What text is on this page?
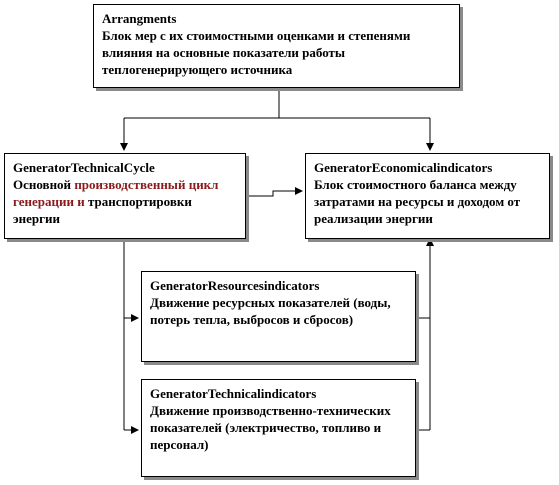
Arrangments
Блок мер с их стоимостными оценками и степенями влияния на основные показатели работы теплогенерирующего источника
GeneratorTechnicalCycle
Основной производственный цикл генерации и транспортировки энергии
GeneratorEconomicalindicators
Блок стоимостного баланса между затратами на ресурсы и доходом от реализации энергии
GeneratorResourcesindicators
Движение ресурсных показателей (воды, потерь тепла, выбросов и сбросов)
GeneratorTechnicalindicators
Движение производственно-технических показателей (электричество, топливо и персонал)
